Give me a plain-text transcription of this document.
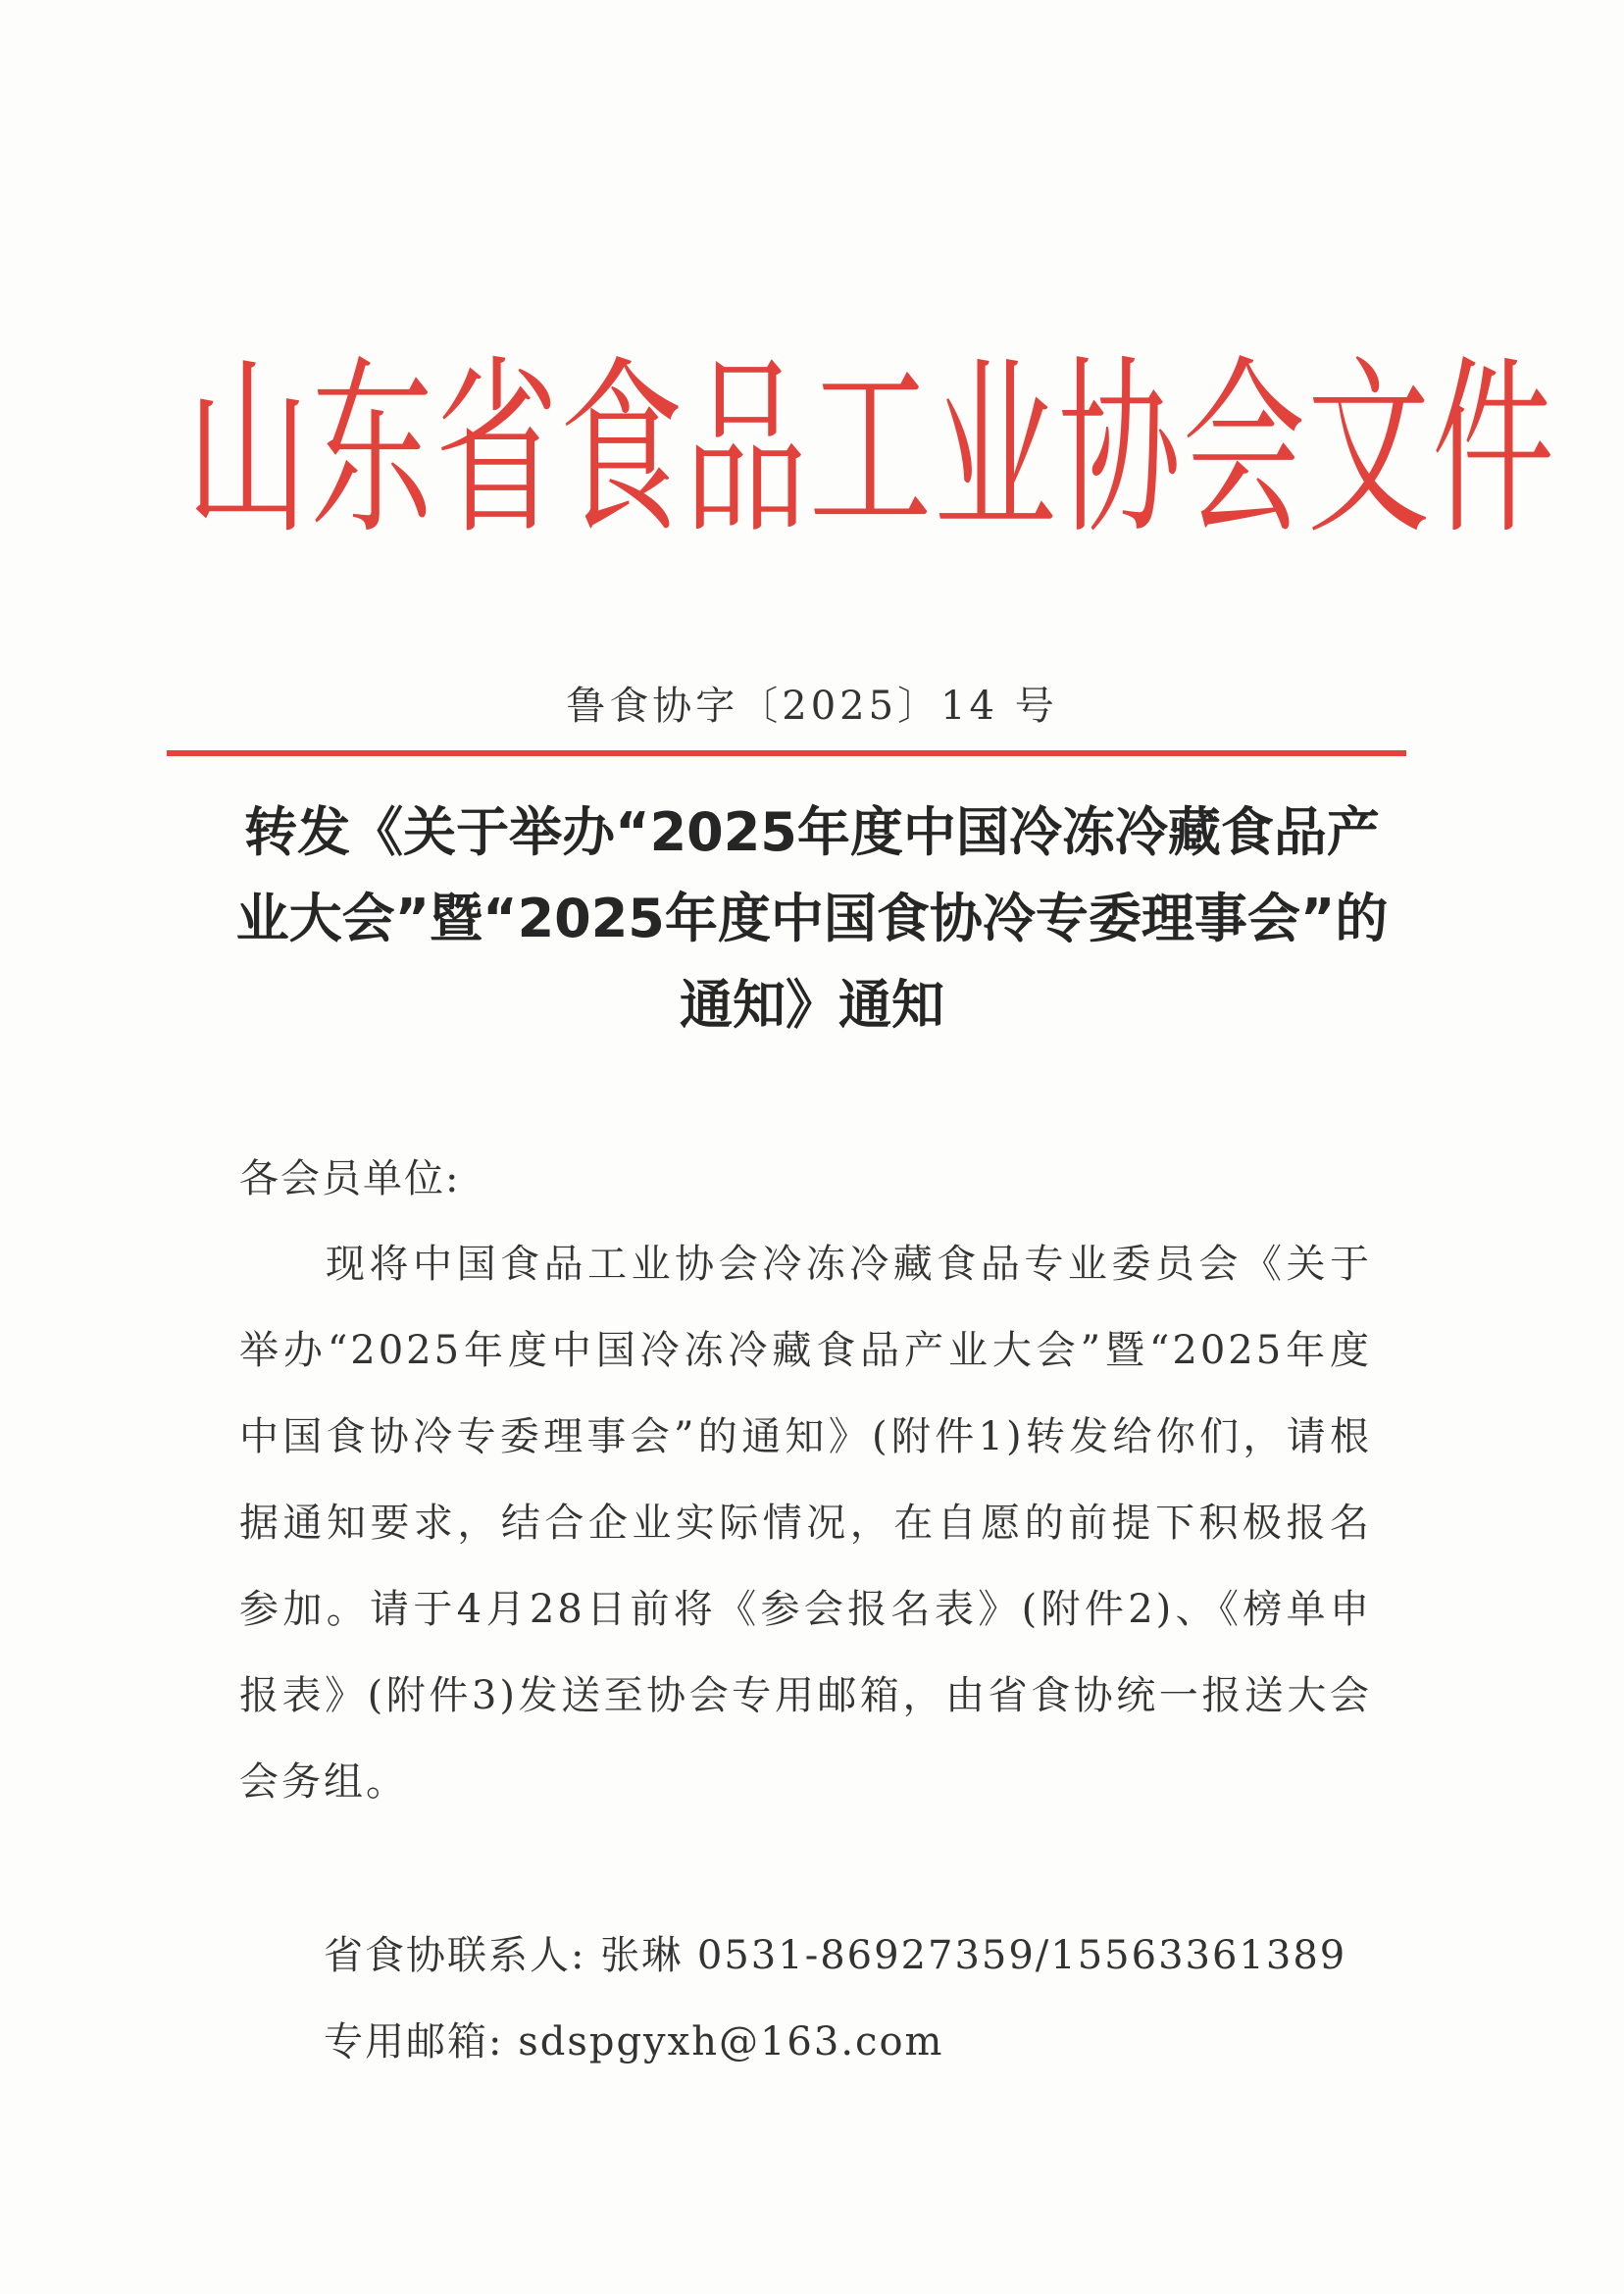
山东省食品工业协会文件
鲁食协字〔2025〕14 号
转发《关于举办“2025年度中国冷冻冷藏食品产业大会”暨“2025年度中国食协冷专委理事会”的通知》通知
各会员单位:
现将中国食品工业协会冷冻冷藏食品专业委员会《关于举办“2025年度中国冷冻冷藏食品产业大会”暨“2025年度中国食协冷专委理事会”的通知》(附件1)转发给你们，请根据通知要求，结合企业实际情况，在自愿的前提下积极报名参加。请于4月28日前将《参会报名表》(附件2)、《榜单申报表》(附件3)发送至协会专用邮箱，由省食协统一报送大会会务组。
省食协联系人: 张琳 0531-86927359/15563361389
专用邮箱: sdspgyxh@163.com
